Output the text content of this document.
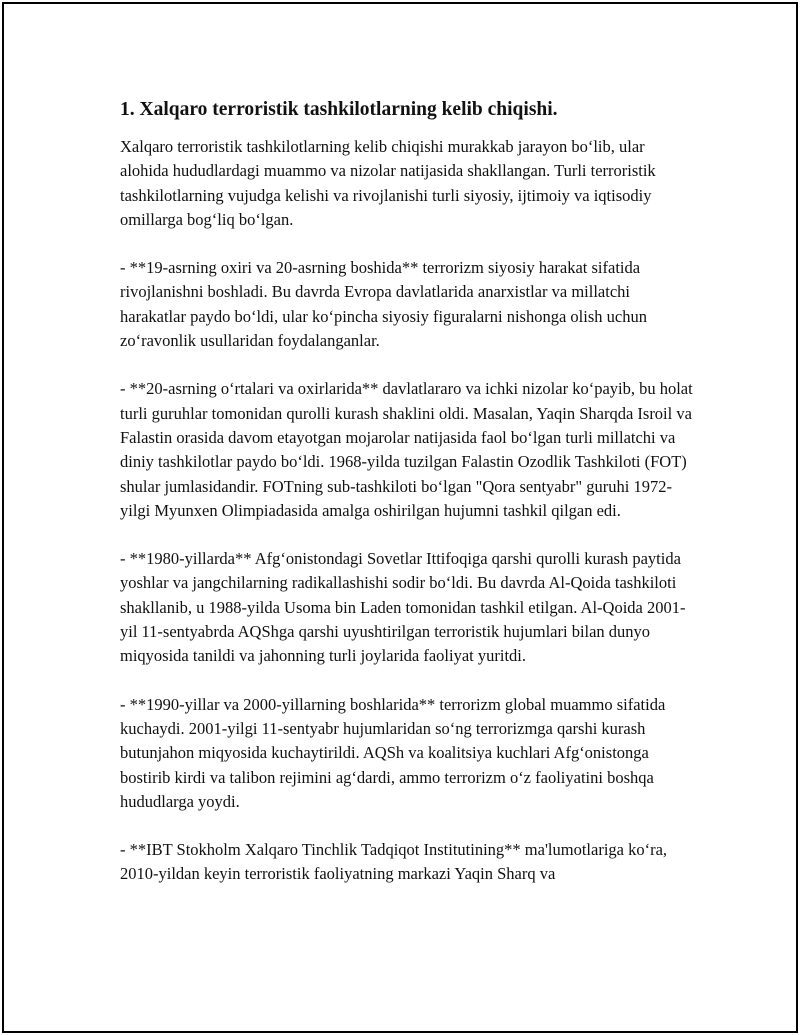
1. Xalqaro terroristik tashkilotlarning kelib chiqishi.

Xalqaro terroristik tashkilotlarning kelib chiqishi murakkab jarayon bo‘lib, ular alohida hududlardagi muammo va nizolar natijasida shakllangan. Turli terroristik tashkilotlarning vujudga kelishi va rivojlanishi turli siyosiy, ijtimoiy va iqtisodiy omillarga bog‘liq bo‘lgan.

- **19-asrning oxiri va 20-asrning boshida** terrorizm siyosiy harakat sifatida rivojlanishni boshladi. Bu davrda Evropa davlatlarida anarxistlar va millatchi harakatlar paydo bo‘ldi, ular ko‘pincha siyosiy figuralarni nishonga olish uchun zo‘ravonlik usullaridan foydalanganlar.

- **20-asrning o‘rtalari va oxirlarida** davlatlararo va ichki nizolar ko‘payib, bu holat turli guruhlar tomonidan qurolli kurash shaklini oldi. Masalan, Yaqin Sharqda Isroil va Falastin orasida davom etayotgan mojarolar natijasida faol bo‘lgan turli millatchi va diniy tashkilotlar paydo bo‘ldi. 1968-yilda tuzilgan Falastin Ozodlik Tashkiloti (FOT) shular jumlasidandir. FOTning sub-tashkiloti bo‘lgan "Qora sentyabr" guruhi 1972-yilgi Myunxen Olimpiadasida amalga oshirilgan hujumni tashkil qilgan edi.

- **1980-yillarda** Afg‘onistondagi Sovetlar Ittifoqiga qarshi qurolli kurash paytida yoshlar va jangchilarning radikallashishi sodir bo‘ldi. Bu davrda Al-Qoida tashkiloti shakllanib, u 1988-yilda Usoma bin Laden tomonidan tashkil etilgan. Al-Qoida 2001-yil 11-sentyabrda AQShga qarshi uyushtirilgan terroristik hujumlari bilan dunyo miqyosida tanildi va jahonning turli joylarida faoliyat yuritdi.

- **1990-yillar va 2000-yillarning boshlarida** terrorizm global muammo sifatida kuchaydi. 2001-yilgi 11-sentyabr hujumlaridan so‘ng terrorizmga qarshi kurash butunjahon miqyosida kuchaytirildi. AQSh va koalitsiya kuchlari Afg‘onistonga bostirib kirdi va talibon rejimini ag‘dardi, ammo terrorizm o‘z faoliyatini boshqa hududlarga yoydi.

- **IBT Stokholm Xalqaro Tinchlik Tadqiqot Institutining** ma'lumotlariga ko‘ra, 2010-yildan keyin terroristik faoliyatning markazi Yaqin Sharq va
